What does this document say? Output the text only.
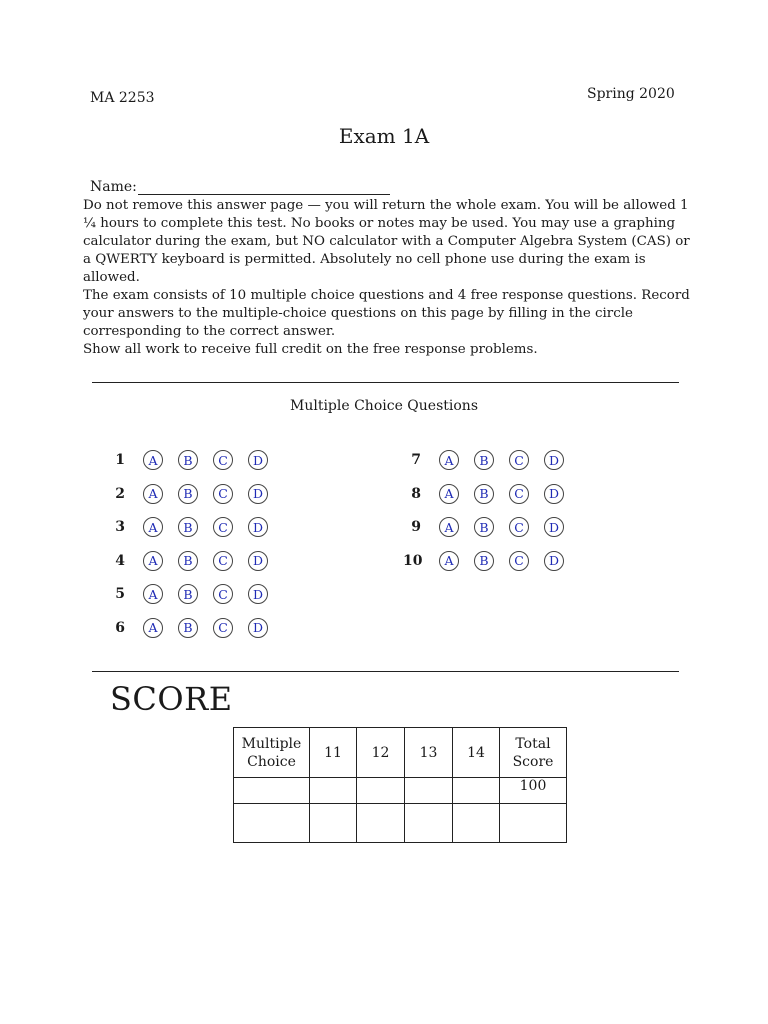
MA 2253	Spring 2020
Exam 1A
Name:

Do not remove this answer page — you will return the whole exam. You will be allowed 1 ¼ hours to complete this test. No books or notes may be used. You may use a graphing calculator during the exam, but NO calculator with a Computer Algebra System (CAS) or a QWERTY keyboard is permitted. Absolutely no cell phone use during the exam is allowed.

The exam consists of 10 multiple choice questions and 4 free response questions. Record your answers to the multiple-choice questions on this page by filling in the circle corresponding to the correct answer.

Show all work to receive full credit on the free response problems.

Multiple Choice Questions
1	A	B	C	D
2	A	B	C	D
3	A	B	C	D
4	A	B	C	D
5	A	B	C	D
6	A	B	C	D
7	A	B	C	D
8	A	B	C	D
9	A	B	C	D
10	A	B	C	D
SCORE
Multiple Choice	11	12	13	14	Total Score
					100
